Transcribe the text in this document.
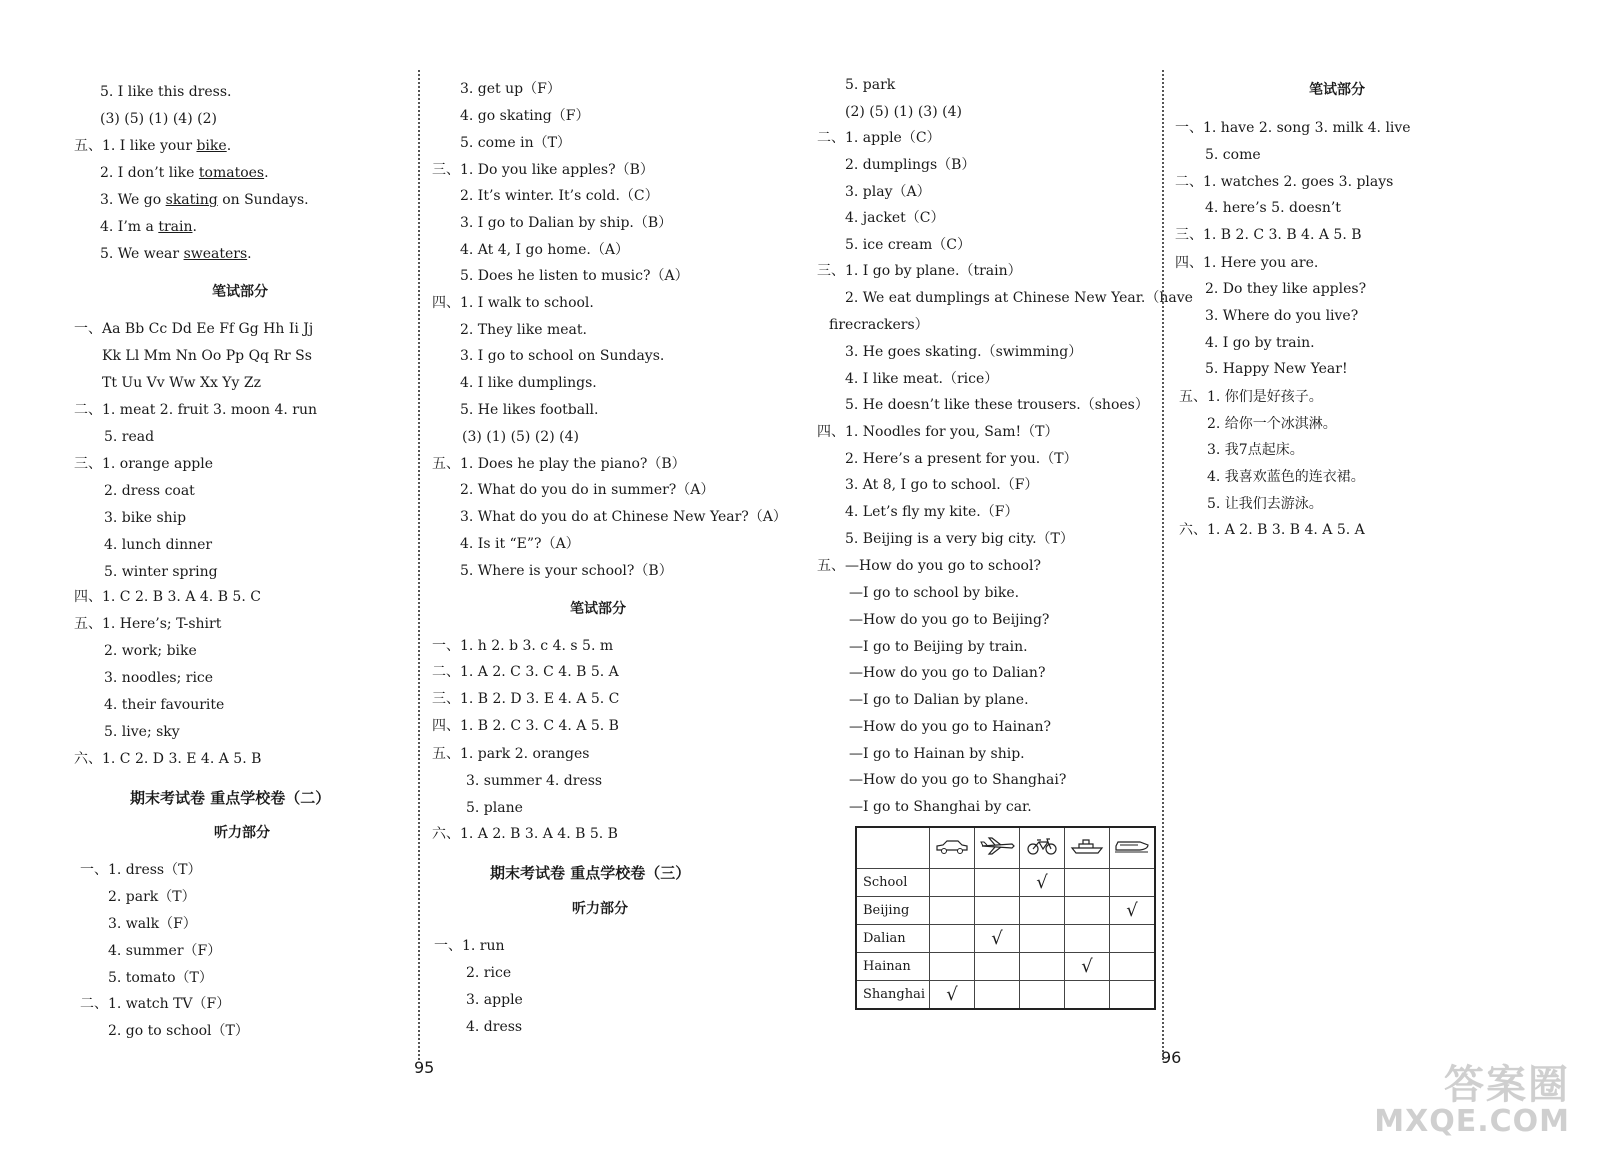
5. I like this dress.
(3) (5) (1) (4) (2)
五、1. I like your bike.
2. I don’t like tomatoes.
3. We go skating on Sundays.
4. I’m a train.
5. We wear sweaters.
笔试部分
一、Aa Bb Cc Dd Ee Ff Gg Hh Ii Jj
Kk Ll Mm Nn Oo Pp Qq Rr Ss
Tt Uu Vv Ww Xx Yy Zz
二、1. meat 2. fruit 3. moon 4. run
5. read
三、1. orange apple
2. dress coat
3. bike ship
4. lunch dinner
5. winter spring
四、1. C 2. B 3. A 4. B 5. C
五、1. Here’s; T-shirt
2. work; bike
3. noodles; rice
4. their favourite
5. live; sky
六、1. C 2. D 3. E 4. A 5. B
期末考试卷 重点学校卷（二）
听力部分
一、1. dress（T）
2. park（T）
3. walk（F）
4. summer（F）
5. tomato（T）
二、1. watch TV（F）
2. go to school（T）
3. get up（F）
4. go skating（F）
5. come in（T）
三、1. Do you like apples?（B）
2. It’s winter. It’s cold.（C）
3. I go to Dalian by ship.（B）
4. At 4, I go home.（A）
5. Does he listen to music?（A）
四、1. I walk to school.
2. They like meat.
3. I go to school on Sundays.
4. I like dumplings.
5. He likes football.
(3) (1) (5) (2) (4)
五、1. Does he play the piano?（B）
2. What do you do in summer?（A）
3. What do you do at Chinese New Year?（A）
4. Is it “E”?（A）
5. Where is your school?（B）
笔试部分
一、1. h 2. b 3. c 4. s 5. m
二、1. A 2. C 3. C 4. B 5. A
三、1. B 2. D 3. E 4. A 5. C
四、1. B 2. C 3. C 4. A 5. B
五、1. park 2. oranges
3. summer 4. dress
5. plane
六、1. A 2. B 3. A 4. B 5. B
期末考试卷 重点学校卷（三）
听力部分
一、1. run
2. rice
3. apple
4. dress
95
5. park
(2) (5) (1) (3) (4)
二、1. apple（C）
2. dumplings（B）
3. play（A）
4. jacket（C）
5. ice cream（C）
三、1. I go by plane.（train）
2. We eat dumplings at Chinese New Year.（have
firecrackers）
3. He goes skating.（swimming）
4. I like meat.（rice）
5. He doesn’t like these trousers.（shoes）
四、1. Noodles for you, Sam!（T）
2. Here’s a present for you.（T）
3. At 8, I go to school.（F）
4. Let’s fly my kite.（F）
5. Beijing is a very big city.（T）
五、—How do you go to school?
—I go to school by bike.
—How do you go to Beijing?
—I go to Beijing by train.
—How do you go to Dalian?
—I go to Dalian by plane.
—How do you go to Hainan?
—I go to Hainan by ship.
—How do you go to Shanghai?
—I go to Shanghai by car.

School			√		
Beijing					√
Dalian		√			
Hainan				√	
Shanghai	√				
96
笔试部分
一、1. have 2. song 3. milk 4. live
5. come
二、1. watches 2. goes 3. plays
4. here’s 5. doesn’t
三、1. B 2. C 3. B 4. A 5. B
四、1. Here you are.
2. Do they like apples?
3. Where do you live?
4. I go by train.
5. Happy New Year!
五、1. 你们是好孩子。
2. 给你一个冰淇淋。
3. 我7点起床。
4. 我喜欢蓝色的连衣裙。
5. 让我们去游泳。
六、1. A 2. B 3. B 4. A 5. A
答案圈
MXQE.COM
